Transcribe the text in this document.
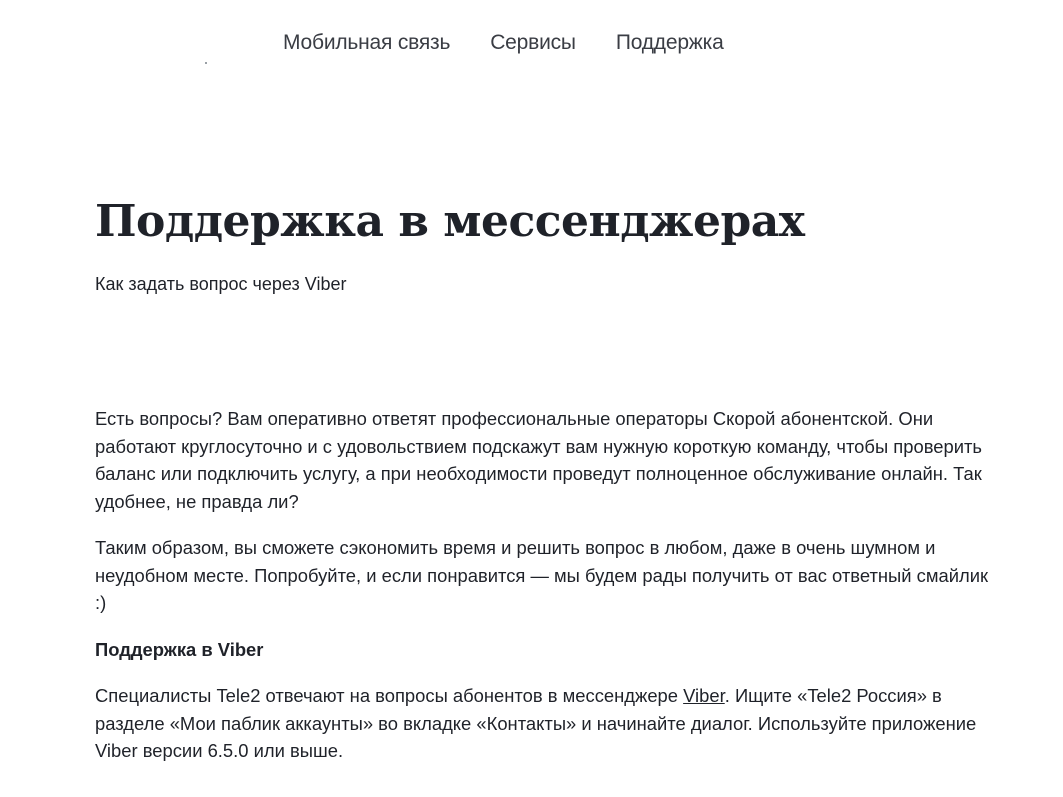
Мобильная связь Сервисы Поддержка
Поддержка в мессенджерах
Как задать вопрос через Viber

Есть вопросы? Вам оперативно ответят профессиональные операторы Скорой абонентской. Они работают круглосуточно и с удовольствием подскажут вам нужную короткую команду, чтобы проверить баланс или подключить услугу, а при необходимости проведут полноценное обслуживание онлайн. Так удобнее, не правда ли?

Таким образом, вы сможете сэкономить время и решить вопрос в любом, даже в очень шумном и неудобном месте. Попробуйте, и если понравится — мы будем рады получить от вас ответный смайлик :)

Поддержка в Viber

Специалисты Tele2 отвечают на вопросы абонентов в мессенджере Viber. Ищите «Tele2 Россия» в разделе «Мои паблик аккаунты» во вкладке «Контакты» и начинайте диалог. Используйте приложение Viber версии 6.5.0 или выше.
